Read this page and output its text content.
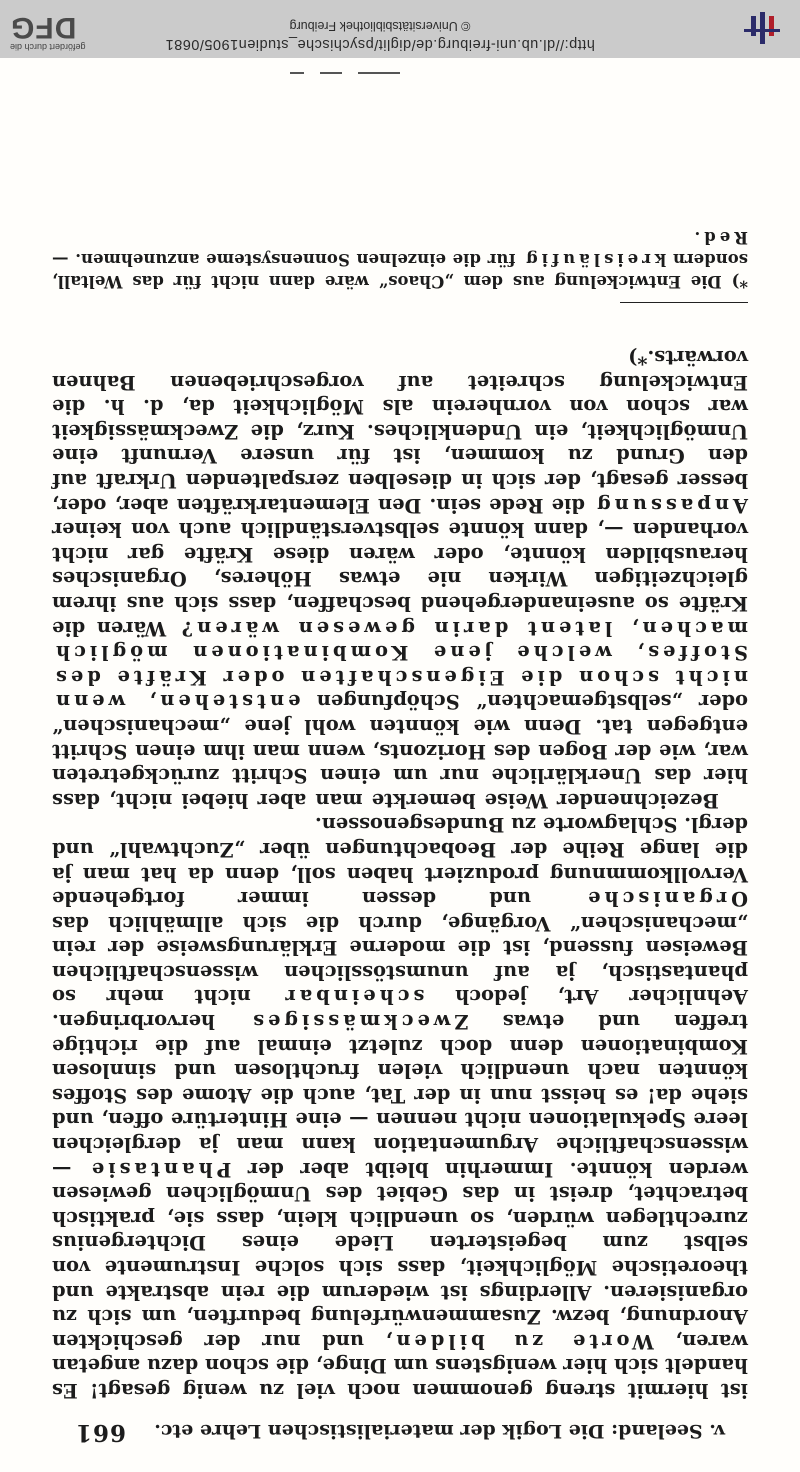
v. Seeland: Die Logik der materialistischen Lehre etc.
661

ist hiermit streng genommen noch viel zu wenig gesagt! Es handelt sich hier wenigstens um Dinge, die schon dazu angetan waren, Worte zu bilden, und nur der geschickten Anordnung, bezw. Zusammenwürfelung bedurften, um sich zu organisieren. Allerdings ist wiederum die rein abstrakte und theoretische Möglichkeit, dass sich solche Instrumente von selbst zum begeisterten Liede eines Dichtergenius zurechtlegen würden, so unendlich klein, dass sie, praktisch betrachtet, dreist in das Gebiet des Unmöglichen gewiesen werden könnte. Immerhin bleibt aber der Phantasie — wissenschaftliche Argumentation kann man ja dergleichen leere Spekulationen nicht nennen — eine Hintertüre offen, und siehe da! es heisst nun in der Tat, auch die Atome des Stoffes könnten nach unendlich vielen fruchtlosen und sinnlosen Kombinationen denn doch zuletzt einmal auf die richtige treffen und etwas Zweckmässiges hervorbringen. Aehnlicher Art, jedoch scheinbar nicht mehr so phantastisch, ja auf unumstösslichen wissenschaftlichen Beweisen fussend, ist die moderne Erklärungsweise der rein „mechanischen“ Vorgänge, durch die sich allmählich das Organische und dessen immer fortgehende Vervollkommnung produziert haben soll, denn da hat man ja die lange Reihe der Beobachtungen über „Zuchtwahl“ und dergl. Schlagworte zu Bundesgenossen.

Bezeichnender Weise bemerkte man aber hiebei nicht, dass hier das Unerklärliche nur um einen Schritt zurückgetreten war, wie der Bogen des Horizonts, wenn man ihm einen Schritt entgegen tat. Denn wie könnten wohl jene „mechanischen“ oder „selbstgemachten“ Schöpfungen entstehen, wenn nicht schon die Eigenschaften oder Kräfte des Stoffes, welche jene Kombinationen möglich machen, latent darin gewesen wären? Wären die Kräfte so auseinandergehend beschaffen, dass sich aus ihrem gleichzeitigen Wirken nie etwas Höheres, Organisches herausbilden könnte, oder wären diese Kräfte gar nicht vorhanden —, dann könnte selbstverständlich auch von keiner Anpassung die Rede sein. Den Elementarkräften aber, oder, besser gesagt, der sich in dieselben zerspaltenden Urkraft auf den Grund zu kommen, ist für unsere Vernunft eine Unmöglichkeit, ein Undenkliches. Kurz, die Zweckmässigkeit war schon von vornherein als Möglichkeit da, d. h. die Entwickelung schreitet auf vorgeschriebenen Bahnen vorwärts.*)

*) Die Entwickelung aus dem „Chaos“ wäre dann nicht für das Weltall, sondern kreisläufig für die einzelnen Sonnensysteme anzunehmen. — Red.
http://dl.ub.uni-freiburg.de/diglit/psychische_studien1905/0681
© Universitätsbibliothek Freiburg
gefördert durch die
DFG
